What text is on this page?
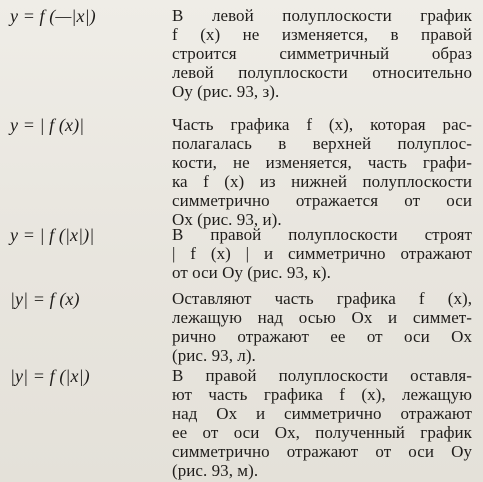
y = f (—|x|)	В левой полуплоскости график
f (x) не изменяется, в правой
строится симметричный образ
левой полуплоскости относительно
Оу (рис. 93, з).
y = | f (x)|	Часть графика f (x), которая рас-
полагалась в верхней полуплос-
кости, не изменяется, часть графи-
ка f (x) из нижней полуплоскости
симметрично отражается от оси
Ох (рис. 93, и).
y = | f (|x|)|	В правой полуплоскости строят
| f (x) | и симметрично отражают
от оси Оу (рис. 93, к).
|y| = f (x)	Оставляют часть графика f (x),
лежащую над осью Ох и симмет-
рично отражают ее от оси Ох
(рис. 93, л).
|y| = f (|x|)	В правой полуплоскости оставля-
ют часть графика f (x), лежащую
над Ох и симметрично отражают
ее от оси Ох, полученный график
симметрично отражают от оси Оу
(рис. 93, м).
